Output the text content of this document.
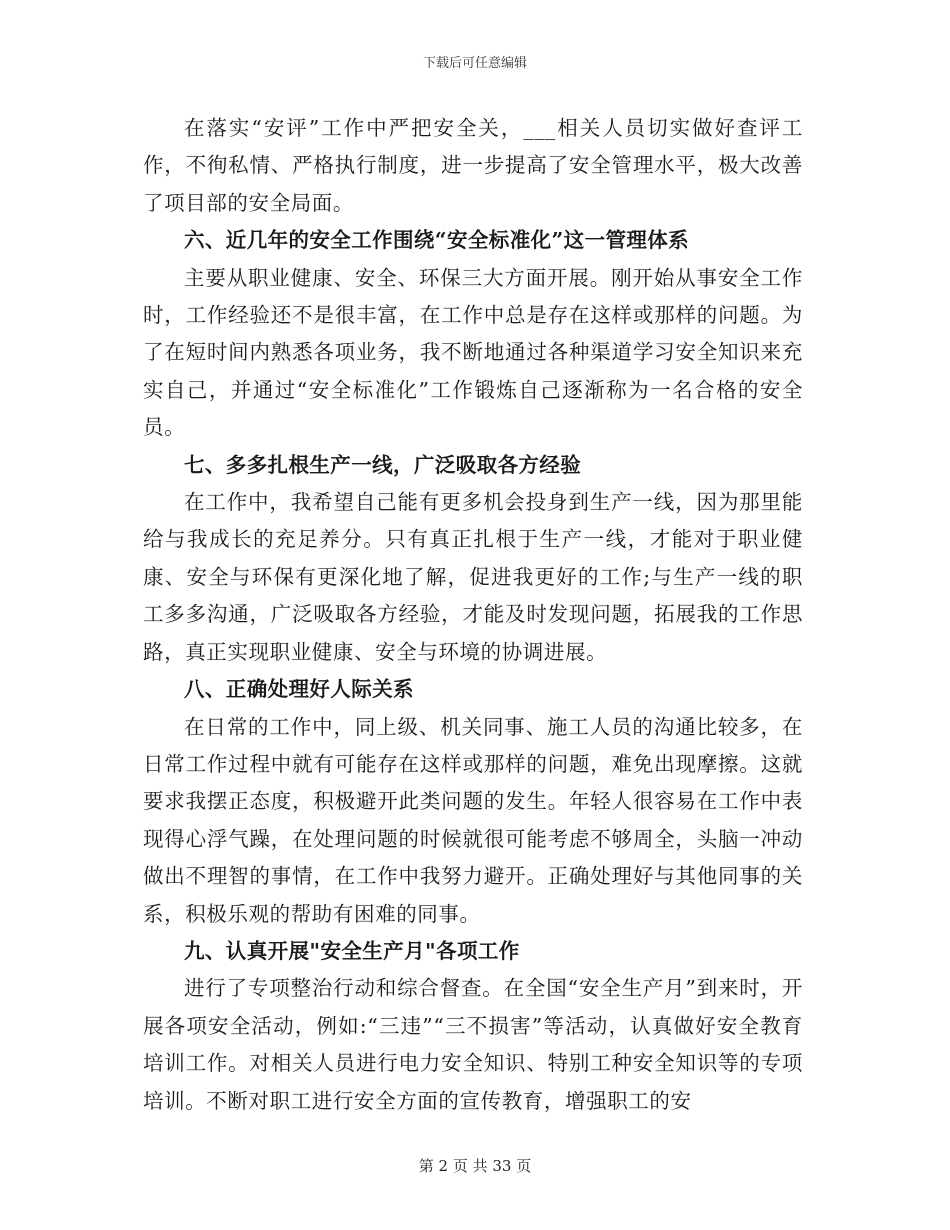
下载后可任意编辑

在落实“安评”工作中严把安全关，___相关人员切实做好查评工作，不徇私情、严格执行制度，进一步提高了安全管理水平，极大改善了项目部的安全局面。

六、近几年的安全工作围绕“安全标准化”这一管理体系

主要从职业健康、安全、环保三大方面开展。刚开始从事安全工作时，工作经验还不是很丰富，在工作中总是存在这样或那样的问题。为了在短时间内熟悉各项业务，我不断地通过各种渠道学习安全知识来充实自己，并通过“安全标准化”工作锻炼自己逐渐称为一名合格的安全员。

七、多多扎根生产一线，广泛吸取各方经验

在工作中，我希望自己能有更多机会投身到生产一线，因为那里能给与我成长的充足养分。只有真正扎根于生产一线，才能对于职业健康、安全与环保有更深化地了解，促进我更好的工作;与生产一线的职工多多沟通，广泛吸取各方经验，才能及时发现问题，拓展我的工作思路，真正实现职业健康、安全与环境的协调进展。

八、正确处理好人际关系

在日常的工作中，同上级、机关同事、施工人员的沟通比较多，在日常工作过程中就有可能存在这样或那样的问题，难免出现摩擦。这就要求我摆正态度，积极避开此类问题的发生。年轻人很容易在工作中表现得心浮气躁，在处理问题的时候就很可能考虑不够周全，头脑一冲动做出不理智的事情，在工作中我努力避开。正确处理好与其他同事的关系，积极乐观的帮助有困难的同事。

九、认真开展"安全生产月"各项工作

进行了专项整治行动和综合督查。在全国“安全生产月”到来时，开展各项安全活动，例如:“三违”“三不损害”等活动，认真做好安全教育培训工作。对相关人员进行电力安全知识、特别工种安全知识等的专项培训。不断对职工进行安全方面的宣传教育，增强职工的安

第 2 页 共 33 页
